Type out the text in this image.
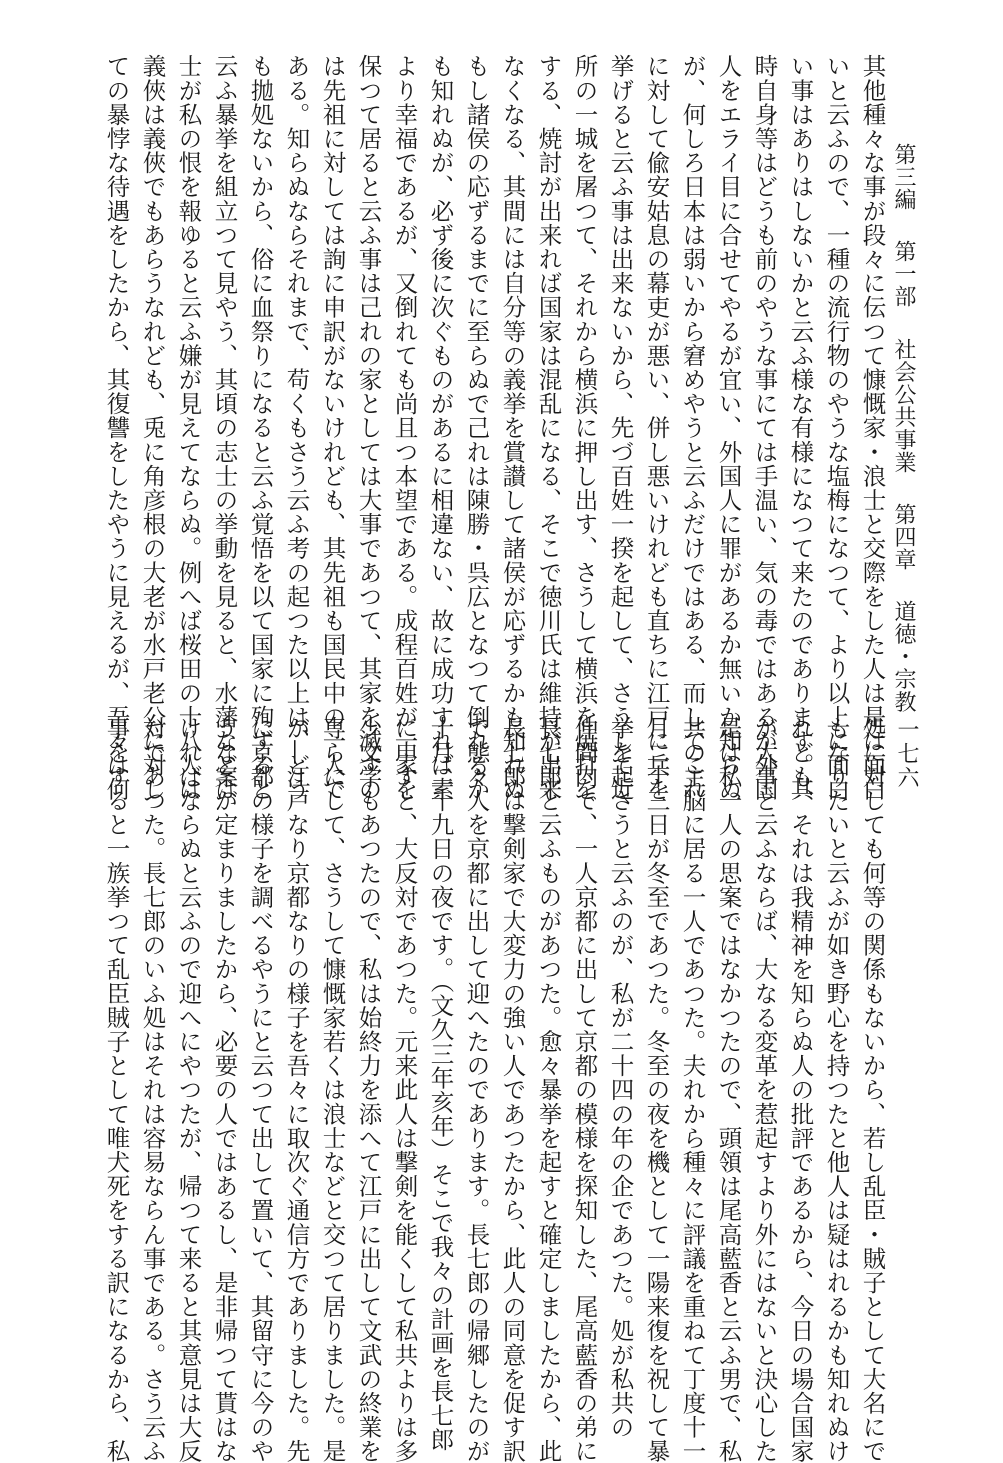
第三編 第一部 社会公共事業 第四章 道徳・宗教
一七六
其他種々な事が段々に伝つて慷慨家・浪士と交際をした人は是は面白
いと云ふので、一種の流行物のやうな塩梅になつて、より以上に面白
い事はありはしないかと云ふ様な有様になつて来たのであります。其
時自身等はどうも前のやうな事にては手温い、気の毒ではあるが外国
人をエライ目に合せてやるが宜い、外国人に罪があるか無いか知らぬ
が、何しろ日本は弱いから窘めやうと云ふだけではある、而してこれ
に対して偸安姑息の幕吏が悪い、併し悪いけれども直ちに江戸に兵を
挙げると云ふ事は出来ないから、先づ百姓一揆を起して、さうして近
所の一城を屠つて、それから横浜に押し出す、さうして横浜を焼打を
する、焼討が出来れば国家は混乱になる、そこで徳川氏は維持が出来
なくなる、其間には自分等の義挙を賞讃して諸侯が応ずるかも知れぬ
もし諸侯の応ずるまでに至らぬで己れは陳勝・呉広となつて倒れるか
も知れぬが、必ず後に次ぐものがあるに相違ない、故に成功すれば素
より幸福であるが、又倒れても尚且つ本望である。成程百姓が一家を
保つて居ると云ふ事は己れの家としては大事であつて、其家を滅すの
は先祖に対しては詢に申訳がないけれども、其先祖も国民中の一人で
ある。知らぬならそれまで、苟くもさう云ふ考の起つた以上は、どう
も拋処ないから、俗に血祭りになると云ふ覚悟を以て国家に殉ずると
云ふ暴挙を組立つて見やう、其頃の志士の挙動を見ると、水藩などは
士が私の恨を報ゆると云ふ嫌が見えてならぬ。例へば桜田の十八人は
義俠は義俠でもあらうなれども、兎に角彦根の大老が水戸老公に対し
ての暴悖な待遇をしたから、其復讐をしたやうに見えるが、吾々は何
処に対しても何等の関係もないから、若し乱臣・賊子として大名にで
もなりたいと云ふが如き野心を持つたと他人は疑はれるかも知れぬけ
れども、それは我精神を知らぬ人の批評であるから、今日の場合国家
が大事と云ふならば、大なる変革を惹起すより外にはないと決心した
是は私一人の思案ではなかつたので、頭領は尾高藍香と云ふ男で、私
共の主脳に居る一人であつた。夫れから種々に評議を重ねて丁度十一
月二十三日が冬至であつた。冬至の夜を機として一陽来復を祝して暴
挙を起さうと云ふのが、私が二十四の年の企であつた。処が私共の
仲間内で、一人京都に出して京都の模様を探知した、尾高藍香の弟に
長七郎と云ふものがあつた。愈々暴挙を起すと確定しましたから、此
長七郎は撃剣家で大変力の強い人であつたから、此人の同意を促す訳
で態々人を京都に出して迎へたのであります。長七郎の帰郷したのが
十月二十九日の夜です。（文久三年亥年）そこで我々の計画を長七郎
に申すと、大反対であつた。元来此人は撃剣を能くして私共よりは多
少文学もあつたので、私は始終力を添へて江戸に出して文武の終業を
専らにして、さうして慷慨家若くは浪士などと交つて居りました。是
が―江戸なり京都なりの様子を吾々に取次ぐ通信方でありました。先
に京都の様子を調べるやうにと云つて出して置いて、其留守に今のや
うな案が定まりましたから、必要の人ではあるし、是非帰つて貰はな
ければならぬと云ふので迎へにやつたが、帰つて来ると其意見は大反
対であつた。長七郎のいふ処はそれは容易ならん事である。さう云ふ
事をすると一族挙つて乱臣賊子として唯犬死をする訳になるから、私
